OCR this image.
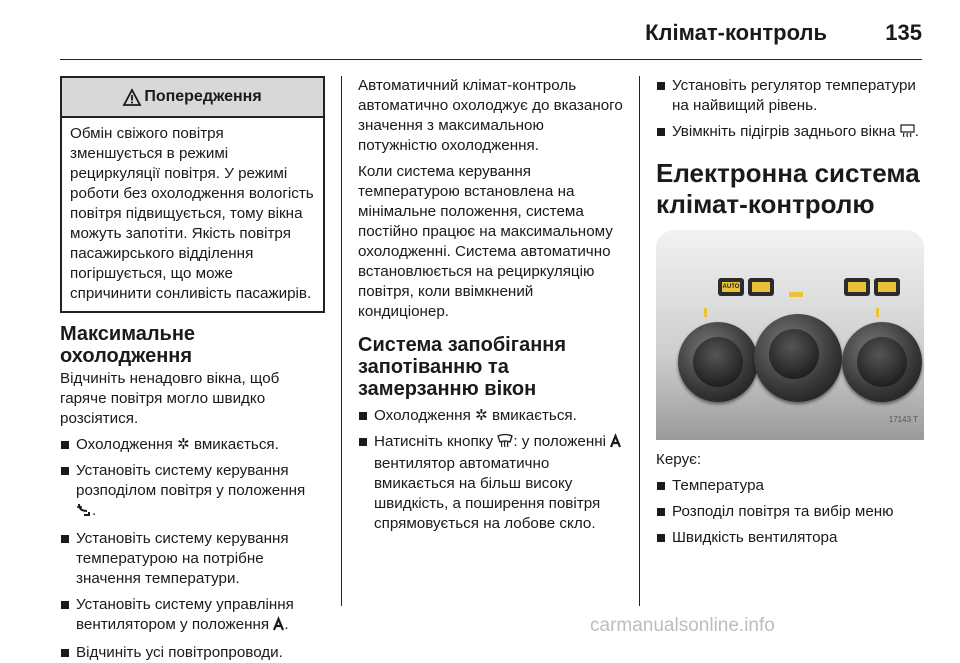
Клімат-контроль	135
Попередження
Обмін свіжого повітря зменшується в режимі рециркуляції повітря. У режимі роботи без охолодження вологість повітря підвищується, тому вікна можуть запотіти. Якість повітря пасажирського відділення погіршується, що може спричинити сонливість пасажирів.
Максимальне охолодження

Відчиніть ненадовго вікна, щоб гаряче повітря могло швидко розсіятися.

Охолодження ✲ вмикається.
Установіть систему керування розподілом повітря у положення .
Установіть систему керування температурою на потрібне значення температури.
Установіть систему управління вентилятором у положення .
Відчиніть усі повітропроводи.

Автоматичний клімат-контроль автоматично охолоджує до вказаного значення з максимальною потужністю охолодження.

Коли система керування температурою встановлена на мінімальне положення, система постійно працює на максимальному охолодженні. Система автоматично встановлюється на рециркуляцію повітря, коли ввімкнений кондиціонер.

Система запобігання запотіванню та замерзанню вікон
Охолодження ✲ вмикається.
Натисніть кнопку : у положенні  вентилятор автоматично вмикається на більш високу швидкість, а поширення повітря спрямовується на лобове скло.
Установіть регулятор температури на найвищий рівень.
Увімкніть підігрів заднього вікна .
Електронна система клімат-контролю
AUTO
17143 T

Керує:

Температура
Розподіл повітря та вибір меню
Швидкість вентилятора
carmanualsonline.info
